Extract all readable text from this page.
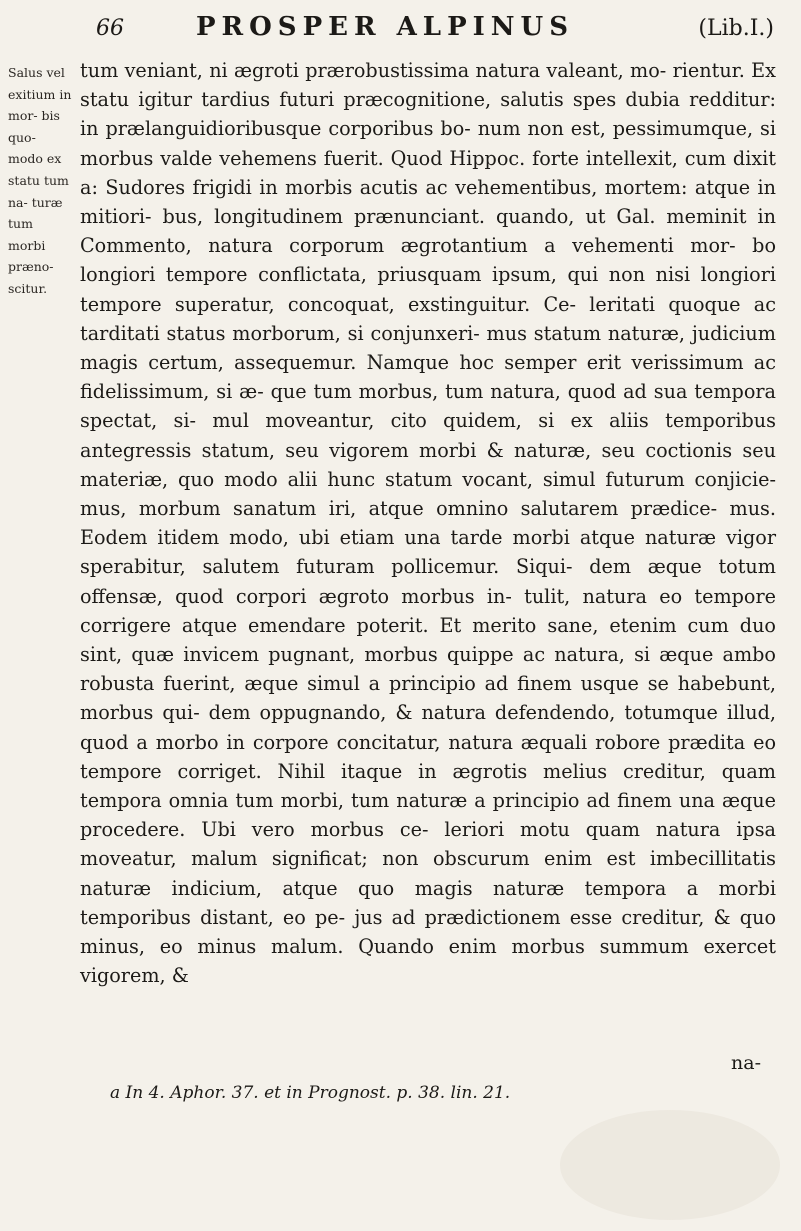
66	PROSPER ALPINUS	(Lib.I.)

Salus vel exitium in mor- bis quo- modo ex statu tum na- turæ tum morbi præno- scitur.

tum veniant, ni ægroti prærobustissima natura valeant, mo- rientur. Ex statu igitur tardius futuri præcognitione, salutis spes dubia redditur: in prælanguidioribusque corporibus bo- num non est, pessimumque, si morbus valde vehemens fuerit. Quod Hippoc. forte intellexit, cum dixit a: Sudores frigidi in morbis acutis ac vehementibus, mortem: atque in mitiori- bus, longitudinem prænunciant. quando, ut Gal. meminit in Commento, natura corporum ægrotantium a vehementi mor- bo longiori tempore conflictata, priusquam ipsum, qui non nisi longiori tempore superatur, concoquat, exstinguitur. Ce- leritati quoque ac tarditati status morborum, si conjunxeri- mus statum naturæ, judicium magis certum, assequemur. Namque hoc semper erit verissimum ac fidelissimum, si æ- que tum morbus, tum natura, quod ad sua tempora spectat, si- mul moveantur, cito quidem, si ex aliis temporibus antegressis statum, seu vigorem morbi & naturæ, seu coctionis seu materiæ, quo modo alii hunc statum vocant, simul futurum conjicie- mus, morbum sanatum iri, atque omnino salutarem prædice- mus. Eodem itidem modo, ubi etiam una tarde morbi atque naturæ vigor sperabitur, salutem futuram pollicemur. Siqui- dem æque totum offensæ, quod corpori ægroto morbus in- tulit, natura eo tempore corrigere atque emendare poterit. Et merito sane, etenim cum duo sint, quæ invicem pugnant, morbus quippe ac natura, si æque ambo robusta fuerint, æque simul a principio ad finem usque se habebunt, morbus qui- dem oppugnando, & natura defendendo, totumque illud, quod a morbo in corpore concitatur, natura æquali robore prædita eo tempore corriget. Nihil itaque in ægrotis melius creditur, quam tempora omnia tum morbi, tum naturæ a principio ad finem una æque procedere. Ubi vero morbus ce- leriori motu quam natura ipsa moveatur, malum significat; non obscurum enim est imbecillitatis naturæ indicium, atque quo magis naturæ tempora a morbi temporibus distant, eo pe- jus ad prædictionem esse creditur, & quo minus, eo minus malum. Quando enim morbus summum exercet vigorem, &

na-
a In 4. Aphor. 37. et in Prognost. p. 38. lin. 21.
